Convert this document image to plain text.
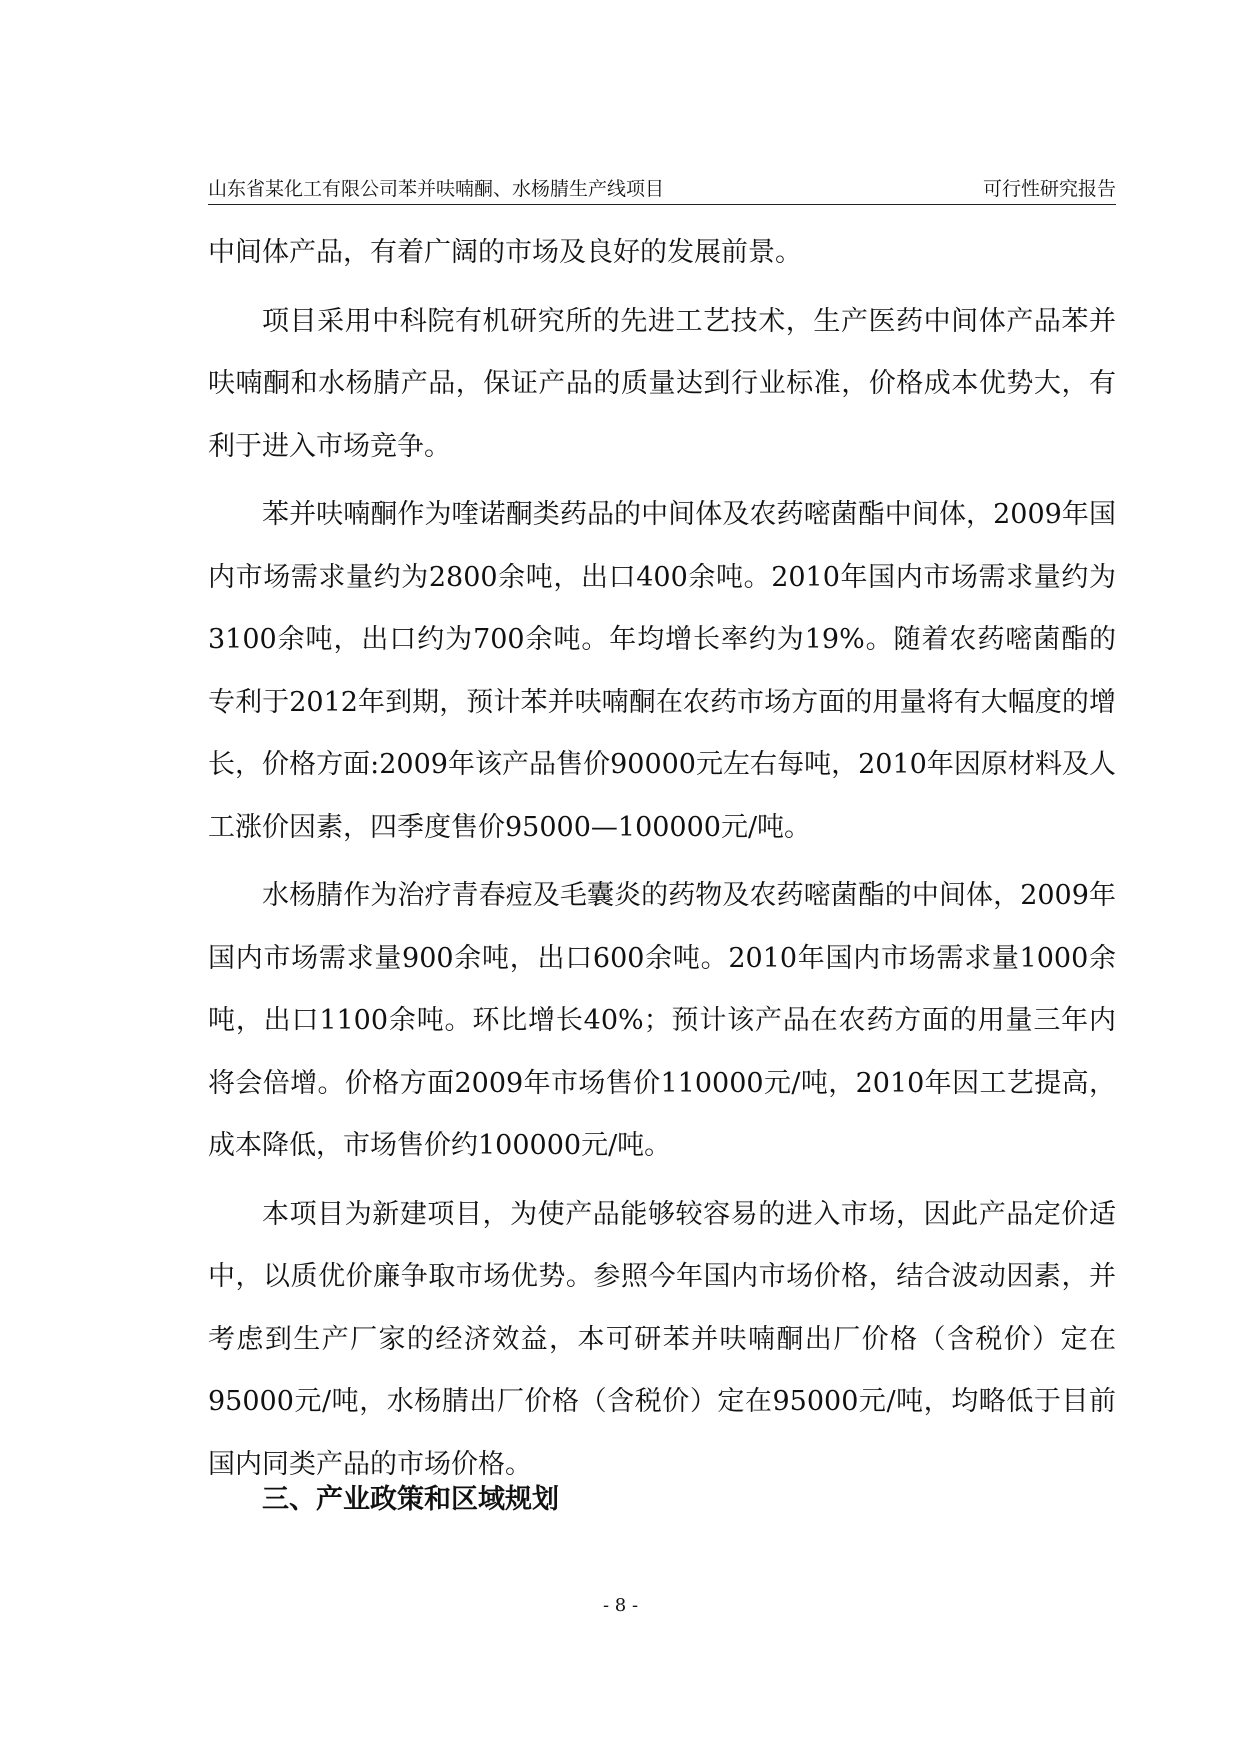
山东省某化工有限公司苯并呋喃酮、水杨腈生产线项目	可行性研究报告

中间体产品，有着广阔的市场及良好的发展前景。

项目采用中科院有机研究所的先进工艺技术，生产医药中间体产品苯并呋喃酮和水杨腈产品，保证产品的质量达到行业标准，价格成本优势大，有利于进入市场竞争。

苯并呋喃酮作为喹诺酮类药品的中间体及农药嘧菌酯中间体，2009年国内市场需求量约为2800余吨，出口400余吨。2010年国内市场需求量约为3100余吨，出口约为700余吨。年均增长率约为19%。随着农药嘧菌酯的专利于2012年到期，预计苯并呋喃酮在农药市场方面的用量将有大幅度的增长，价格方面:2009年该产品售价90000元左右每吨，2010年因原材料及人工涨价因素，四季度售价95000—100000元/吨。

水杨腈作为治疗青春痘及毛囊炎的药物及农药嘧菌酯的中间体，2009年国内市场需求量900余吨，出口600余吨。2010年国内市场需求量1000余吨，出口1100余吨。环比增长40%；预计该产品在农药方面的用量三年内将会倍增。价格方面2009年市场售价110000元/吨，2010年因工艺提高，成本降低，市场售价约100000元/吨。

本项目为新建项目，为使产品能够较容易的进入市场，因此产品定价适中，以质优价廉争取市场优势。参照今年国内市场价格，结合波动因素，并考虑到生产厂家的经济效益，本可研苯并呋喃酮出厂价格（含税价）定在95000元/吨，水杨腈出厂价格（含税价）定在95000元/吨，均略低于目前国内同类产品的市场价格。

三、产业政策和区域规划
- 8 -
